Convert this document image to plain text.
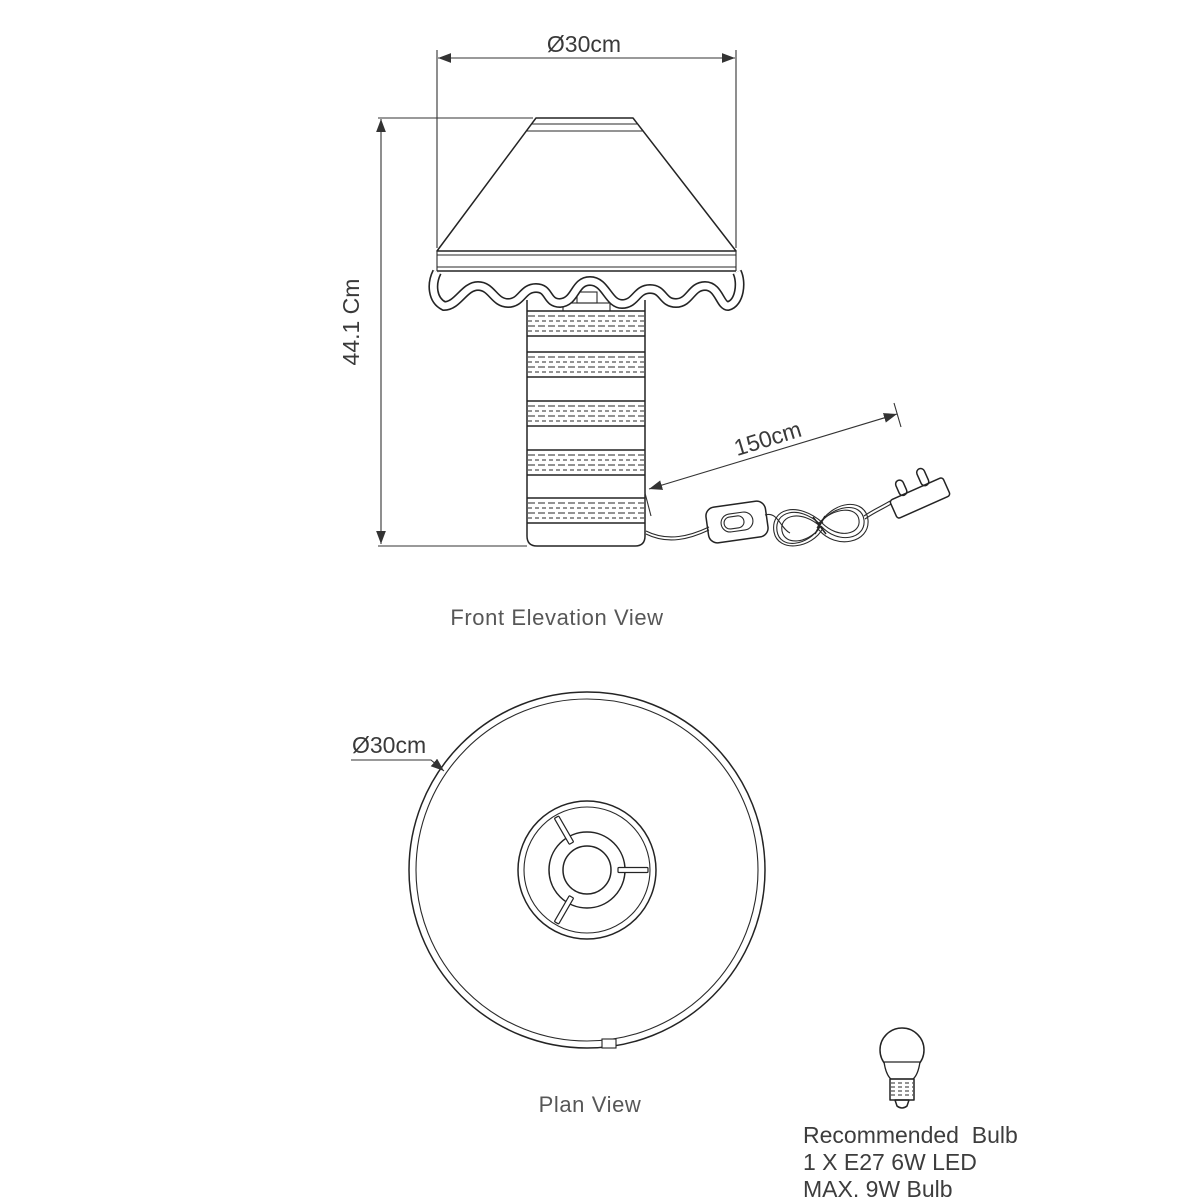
Ø30cm
44.1 Cm
150cm
Front Elevation View
Ø30cm
Plan View
Recommended  Bulb
1 X E27 6W LED
MAX. 9W Bulb
